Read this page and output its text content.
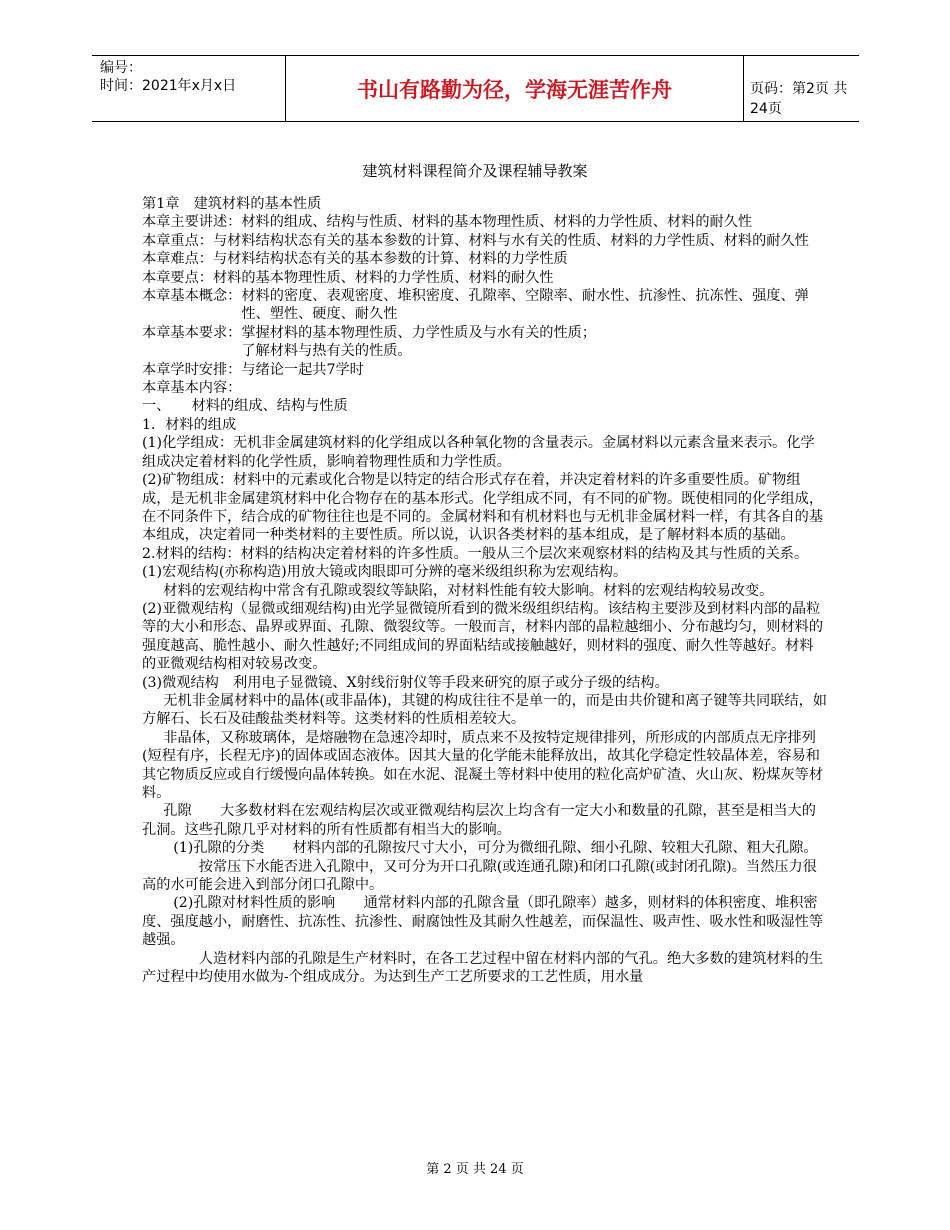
编号：
时间：2021年x月x日	书山有路勤为径，学海无涯苦作舟	页码：第2页 共24页
建筑材料课程简介及课程辅导教案

第1章　建筑材料的基本性质

本章主要讲述： 材料的组成、结构与性质、材料的基本物理性质、材料的力学性质、材料的耐久性
本章重点： 与材料结构状态有关的基本参数的计算、材料与水有关的性质、材料的力学性质、材料的耐久性
本章难点： 与材料结构状态有关的基本参数的计算、材料的力学性质
本章要点： 材料的基本物理性质、材料的力学性质、材料的耐久性
本章基本概念： 材料的密度、表观密度、堆积密度、孔隙率、空隙率、耐水性、抗渗性、抗冻性、强度、弹性、塑性、硬度、耐久性
本章基本要求： 掌握材料的基本物理性质、力学性质及与水有关的性质；
了解材料与热有关的性质。

本章学时安排：与绪论一起共7学时

本章基本内容：

一、　　材料的组成、结构与性质

1．材料的组成

(1)化学组成：无机非金属建筑材料的化学组成以各种氧化物的含量表示。金属材料以元素含量来表示。化学组成决定着材料的化学性质，影响着物理性质和力学性质。

(2)矿物组成：材料中的元素或化合物是以特定的结合形式存在着，并决定着材料的许多重要性质。矿物组成，是无机非金属建筑材料中化合物存在的基本形式。化学组成不同，有不同的矿物。既使相同的化学组成，在不同条件下，结合成的矿物往往也是不同的。金属材料和有机材料也与无机非金属材料一样，有其各自的基本组成，决定着同一种类材料的主要性质。所以说，认识各类材料的基本组成，是了解材料本质的基础。

2.材料的结构：材料的结构决定着材料的许多性质。一般从三个层次来观察材料的结构及其与性质的关系。

(1)宏观结构(亦称构造)用放大镜或肉眼即可分辨的毫米级组织称为宏观结构。

材料的宏观结构中常含有孔隙或裂纹等缺陷，对材料性能有较大影响。材料的宏观结构较易改变。

(2)亚微观结构（显微或细观结构)由光学显微镜所看到的微米级组织结构。该结构主要涉及到材料内部的晶粒等的大小和形态、晶界或界面、孔隙、微裂纹等。一般而言，材料内部的晶粒越细小、分布越均匀，则材料的强度越高、脆性越小、耐久性越好;不同组成间的界面粘结或接触越好，则材料的强度、耐久性等越好。材料的亚微观结构相对较易改变。

(3)微观结构　利用电子显微镜、X射线衍射仪等手段来研究的原子或分子级的结构。

无机非金属材料中的晶体(或非晶体)，其键的构成往往不是单一的，而是由共价键和离子键等共同联结，如方解石、长石及硅酸盐类材料等。这类材料的性质相差较大。

非晶体，又称玻璃体，是熔融物在急速冷却时，质点来不及按特定规律排列，所形成的内部质点无序排列(短程有序，长程无序)的固体或固态液体。因其大量的化学能未能释放出，故其化学稳定性较晶体差，容易和其它物质反应或自行缓慢向晶体转换。如在水泥、混凝土等材料中使用的粒化高炉矿渣、火山灰、粉煤灰等材料。

孔隙　　大多数材料在宏观结构层次或亚微观结构层次上均含有一定大小和数量的孔隙，甚至是相当大的孔洞。这些孔隙几乎对材料的所有性质都有相当大的影响。

(1)孔隙的分类　　材料内部的孔隙按尺寸大小，可分为微细孔隙、细小孔隙、较粗大孔隙、粗大孔隙。

按常压下水能否进入孔隙中，又可分为开口孔隙(或连通孔隙)和闭口孔隙(或封闭孔隙)。当然压力很高的水可能会进入到部分闭口孔隙中。

(2)孔隙对材料性质的影响　　通常材料内部的孔隙含量（即孔隙率）越多，则材料的体积密度、堆积密度、强度越小，耐磨性、抗冻性、抗渗性、耐腐蚀性及其耐久性越差，而保温性、吸声性、吸水性和吸湿性等越强。

人造材料内部的孔隙是生产材料时，在各工艺过程中留在材料内部的气孔。绝大多数的建筑材料的生产过程中均使用水做为-个组成成分。为达到生产工艺所要求的工艺性质，用水量

第 2 页 共 24 页
